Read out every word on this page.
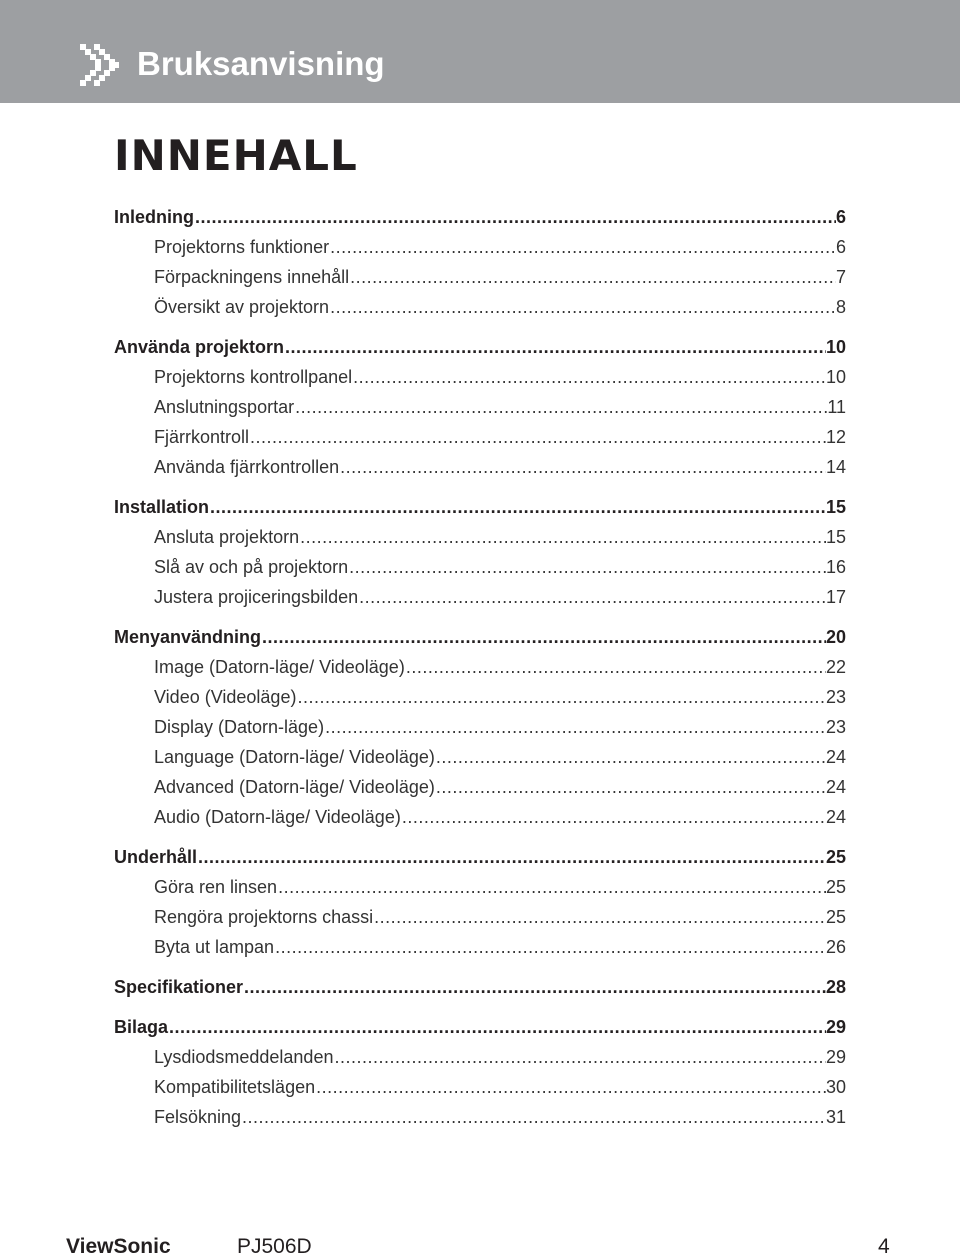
Bruksanvisning
INNEHALL
Inledning .....	6
Projektorns funktioner .....	6
Förpackningens innehåll .....	7
Översikt av projektorn .....	8
Använda projektorn .....	10
Projektorns kontrollpanel .....	10
Anslutningsportar .....	11
Fjärrkontroll .....	12
Använda fjärrkontrollen .....	14
Installation .....	15
Ansluta projektorn .....	15
Slå av och på projektorn .....	16
Justera projiceringsbilden .....	17
Menyanvändning .....	20
Image (Datorn-läge/ Videoläge) .....	22
Video (Videoläge) .....	23
Display (Datorn-läge) .....	23
Language (Datorn-läge/ Videoläge) .....	24
Advanced (Datorn-läge/ Videoläge) .....	24
Audio (Datorn-läge/ Videoläge) .....	24
Underhåll .....	25
Göra ren linsen .....	25
Rengöra projektorns chassi .....	25
Byta ut lampan .....	26
Specifikationer .....	28
Bilaga .....	29
Lysdiodsmeddelanden .....	29
Kompatibilitetslägen .....	30
Felsökning .....	31
ViewSonic	PJ506D	4
